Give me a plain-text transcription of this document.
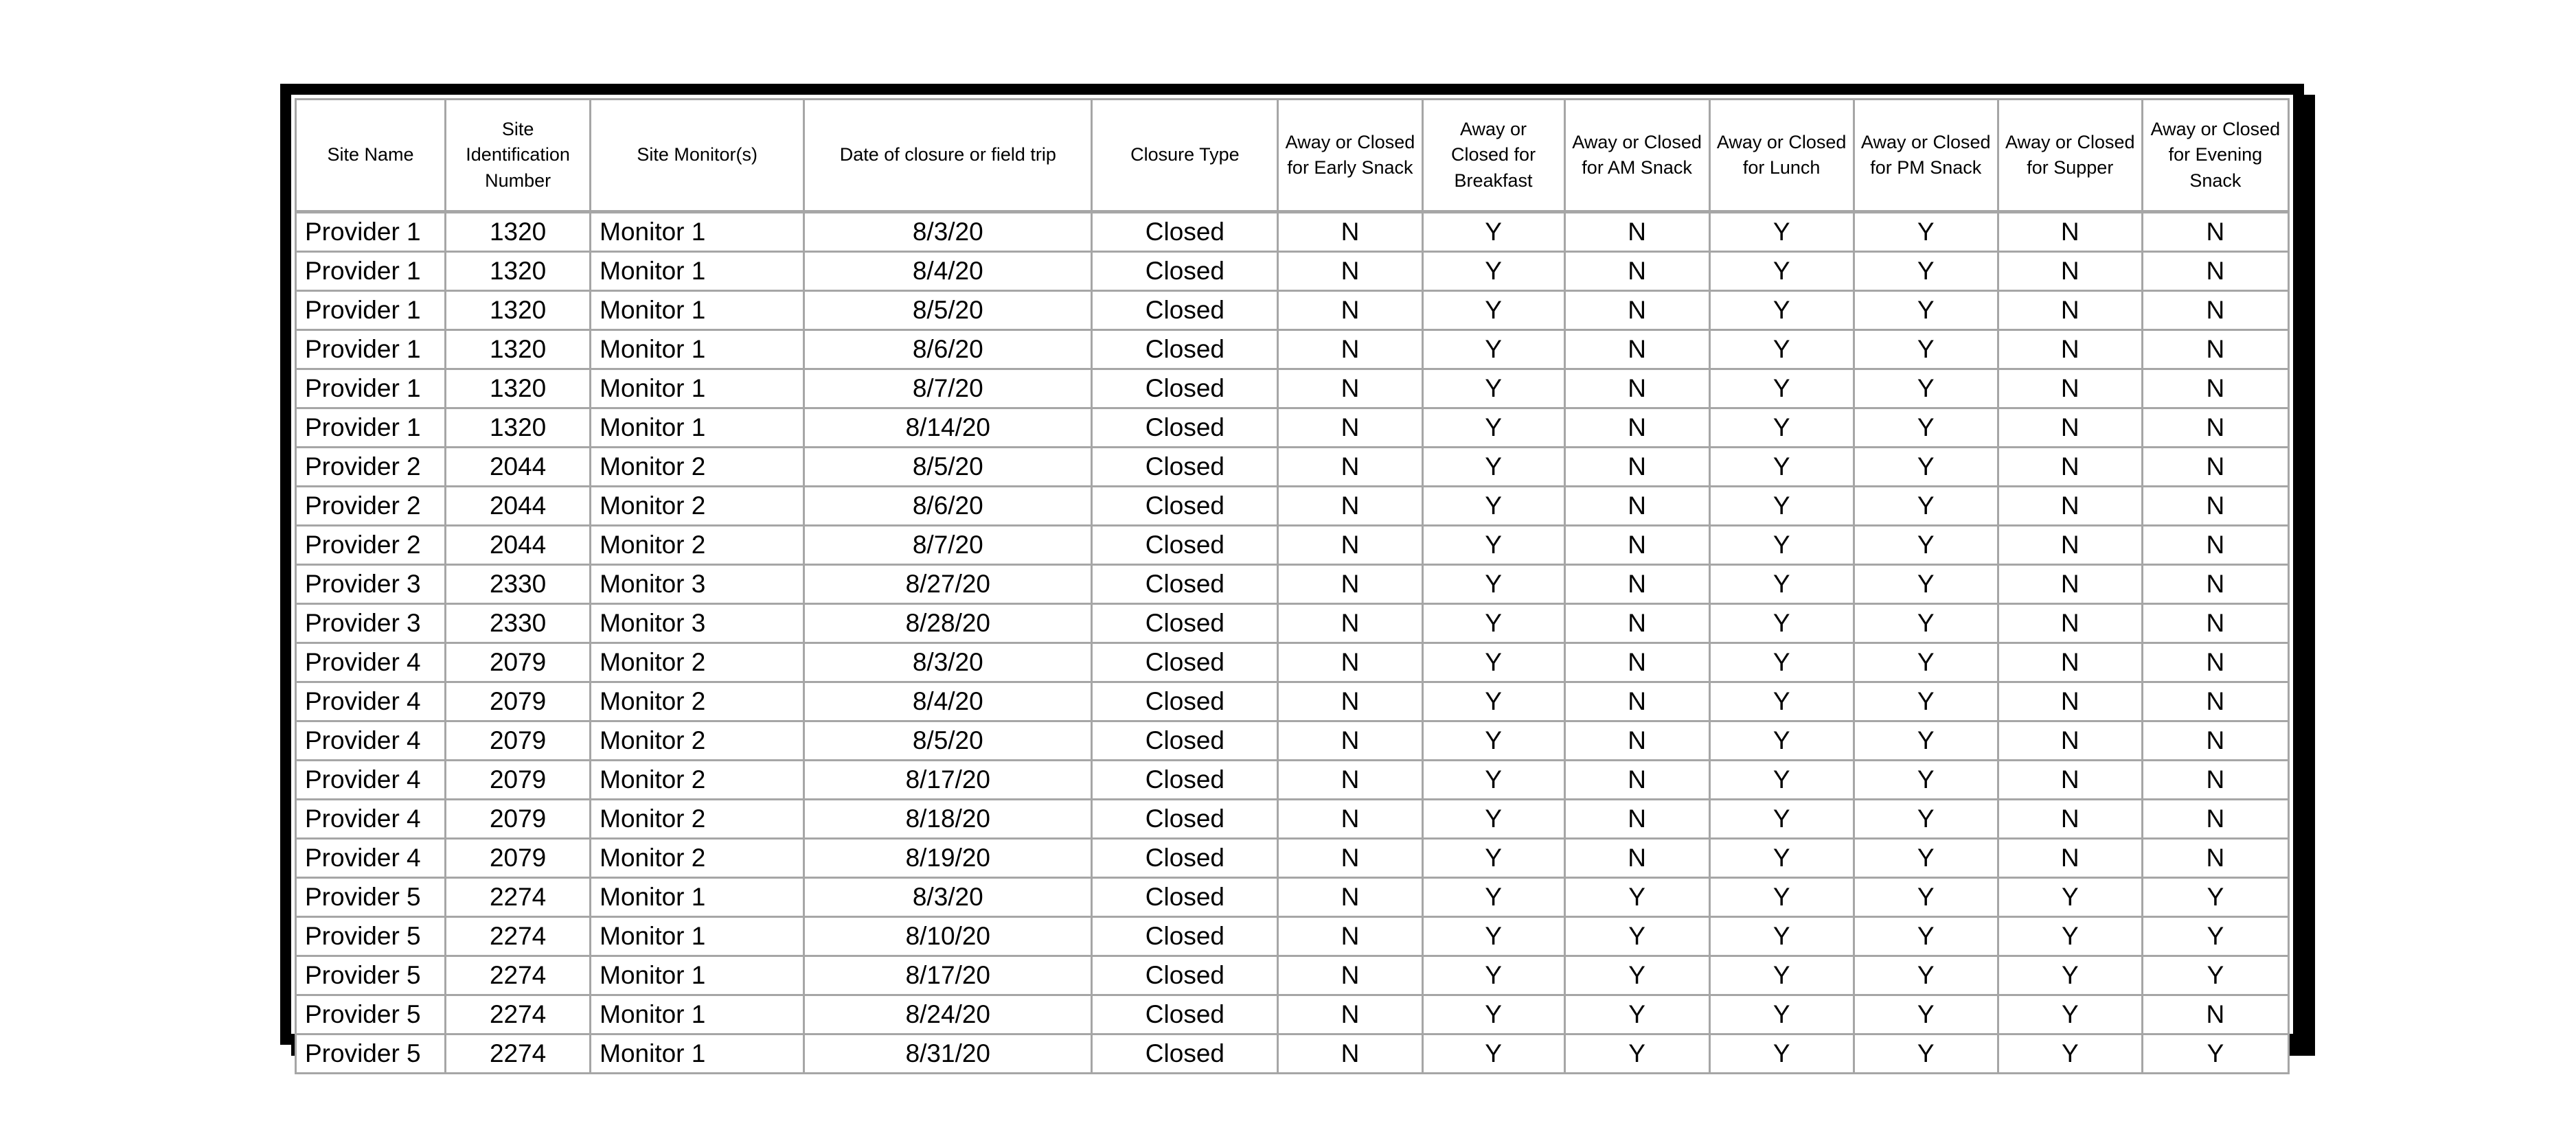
Site Name	Site Identification Number	Site Monitor(s)	Date of closure or field trip	Closure Type	Away or Closed for Early Snack	Away or Closed for Breakfast	Away or Closed for AM Snack	Away or Closed for Lunch	Away or Closed for PM Snack	Away or Closed for Supper	Away or Closed for Evening Snack
Provider 1	1320	Monitor 1	8/3/20	Closed	N	Y	N	Y	Y	N	N
Provider 1	1320	Monitor 1	8/4/20	Closed	N	Y	N	Y	Y	N	N
Provider 1	1320	Monitor 1	8/5/20	Closed	N	Y	N	Y	Y	N	N
Provider 1	1320	Monitor 1	8/6/20	Closed	N	Y	N	Y	Y	N	N
Provider 1	1320	Monitor 1	8/7/20	Closed	N	Y	N	Y	Y	N	N
Provider 1	1320	Monitor 1	8/14/20	Closed	N	Y	N	Y	Y	N	N
Provider 2	2044	Monitor 2	8/5/20	Closed	N	Y	N	Y	Y	N	N
Provider 2	2044	Monitor 2	8/6/20	Closed	N	Y	N	Y	Y	N	N
Provider 2	2044	Monitor 2	8/7/20	Closed	N	Y	N	Y	Y	N	N
Provider 3	2330	Monitor 3	8/27/20	Closed	N	Y	N	Y	Y	N	N
Provider 3	2330	Monitor 3	8/28/20	Closed	N	Y	N	Y	Y	N	N
Provider 4	2079	Monitor 2	8/3/20	Closed	N	Y	N	Y	Y	N	N
Provider 4	2079	Monitor 2	8/4/20	Closed	N	Y	N	Y	Y	N	N
Provider 4	2079	Monitor 2	8/5/20	Closed	N	Y	N	Y	Y	N	N
Provider 4	2079	Monitor 2	8/17/20	Closed	N	Y	N	Y	Y	N	N
Provider 4	2079	Monitor 2	8/18/20	Closed	N	Y	N	Y	Y	N	N
Provider 4	2079	Monitor 2	8/19/20	Closed	N	Y	N	Y	Y	N	N
Provider 5	2274	Monitor 1	8/3/20	Closed	N	Y	Y	Y	Y	Y	Y
Provider 5	2274	Monitor 1	8/10/20	Closed	N	Y	Y	Y	Y	Y	Y
Provider 5	2274	Monitor 1	8/17/20	Closed	N	Y	Y	Y	Y	Y	Y
Provider 5	2274	Monitor 1	8/24/20	Closed	N	Y	Y	Y	Y	Y	N
Provider 5	2274	Monitor 1	8/31/20	Closed	N	Y	Y	Y	Y	Y	Y
